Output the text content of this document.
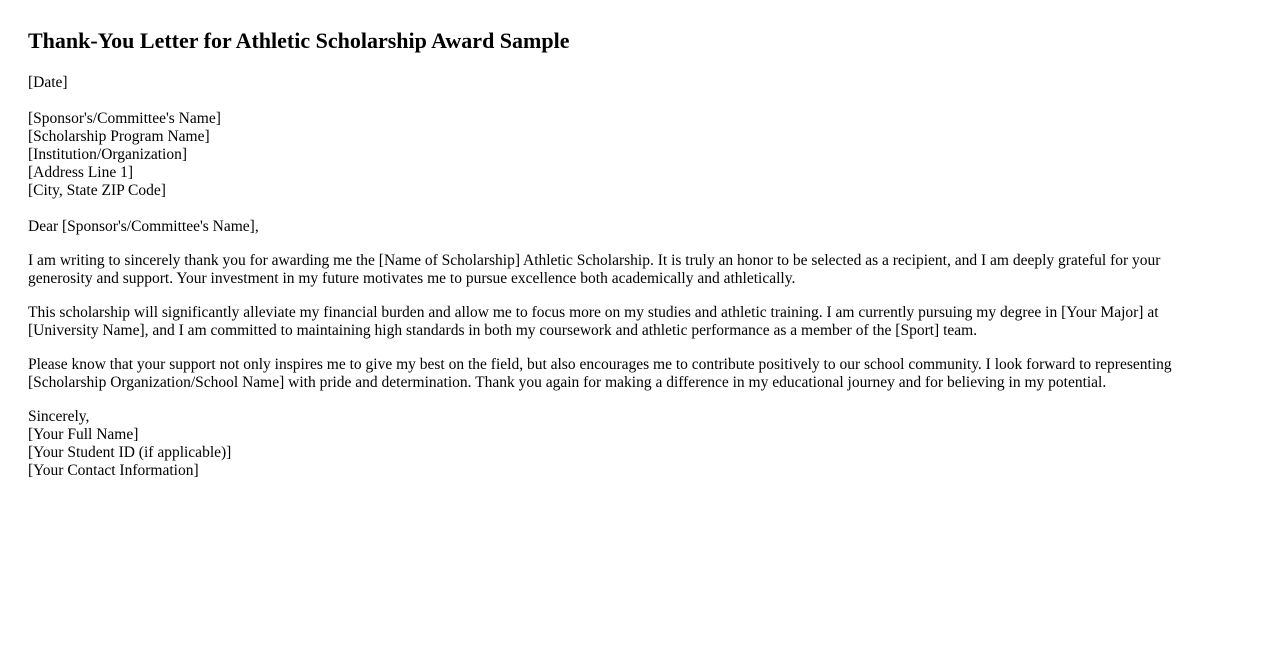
Thank-You Letter for Athletic Scholarship Award Sample
[Date]
[Sponsor's/Committee's Name]
[Scholarship Program Name]
[Institution/Organization]
[Address Line 1]
[City, State ZIP Code]
Dear [Sponsor's/Committee's Name],
I am writing to sincerely thank you for awarding me the [Name of Scholarship] Athletic Scholarship. It is truly an honor to be selected as a recipient, and I am deeply grateful for your generosity and support. Your investment in my future motivates me to pursue excellence both academically and athletically.
This scholarship will significantly alleviate my financial burden and allow me to focus more on my studies and athletic training. I am currently pursuing my degree in [Your Major] at [University Name], and I am committed to maintaining high standards in both my coursework and athletic performance as a member of the [Sport] team.
Please know that your support not only inspires me to give my best on the field, but also encourages me to contribute positively to our school community. I look forward to representing [Scholarship Organization/School Name] with pride and determination. Thank you again for making a difference in my educational journey and for believing in my potential.
Sincerely,
[Your Full Name]
[Your Student ID (if applicable)]
[Your Contact Information]
